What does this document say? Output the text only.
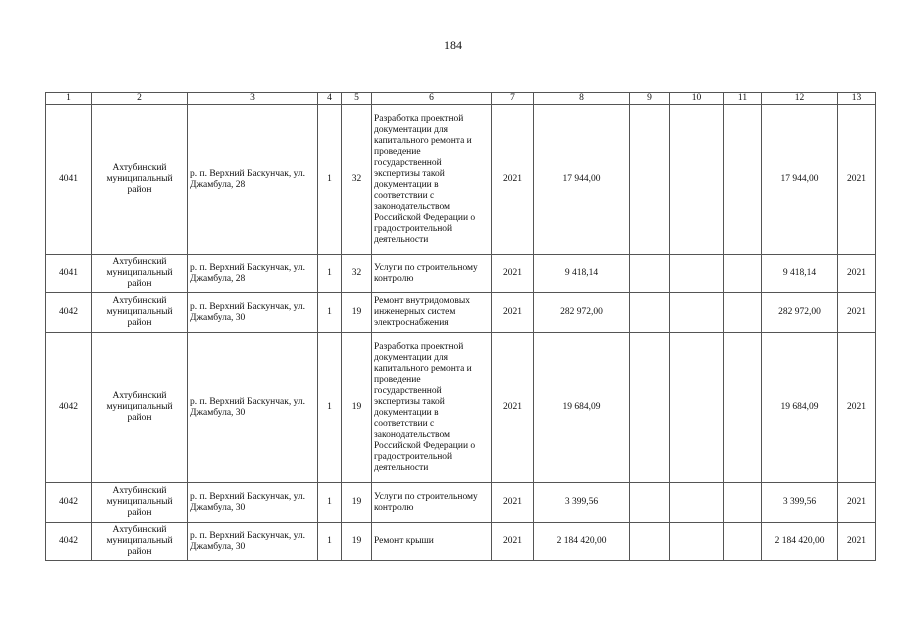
184
1	2	3	4	5	6	7	8	9	10	11	12	13
4041	Ахтубинский муниципальный район	р. п. Верхний Баскунчак, ул. Джамбула, 28	1	32	Разработка проектной документации для капитального ремонта и проведение государственной экспертизы такой документации в соответствии с законодательством Российской Федерации о градостроительной деятельности	2021	17 944,00				17 944,00	2021
4041	Ахтубинский муниципальный район	р. п. Верхний Баскунчак, ул. Джамбула, 28	1	32	Услуги по строительному контролю	2021	9 418,14				9 418,14	2021
4042	Ахтубинский муниципальный район	р. п. Верхний Баскунчак, ул. Джамбула, 30	1	19	Ремонт внутридомовых инженерных систем электроснабжения	2021	282 972,00				282 972,00	2021
4042	Ахтубинский муниципальный район	р. п. Верхний Баскунчак, ул. Джамбула, 30	1	19	Разработка проектной документации для капитального ремонта и проведение государственной экспертизы такой документации в соответствии с законодательством Российской Федерации о градостроительной деятельности	2021	19 684,09				19 684,09	2021
4042	Ахтубинский муниципальный район	р. п. Верхний Баскунчак, ул. Джамбула, 30	1	19	Услуги по строительному контролю	2021	3 399,56				3 399,56	2021
4042	Ахтубинский муниципальный район	р. п. Верхний Баскунчак, ул. Джамбула, 30	1	19	Ремонт крыши	2021	2 184 420,00				2 184 420,00	2021
